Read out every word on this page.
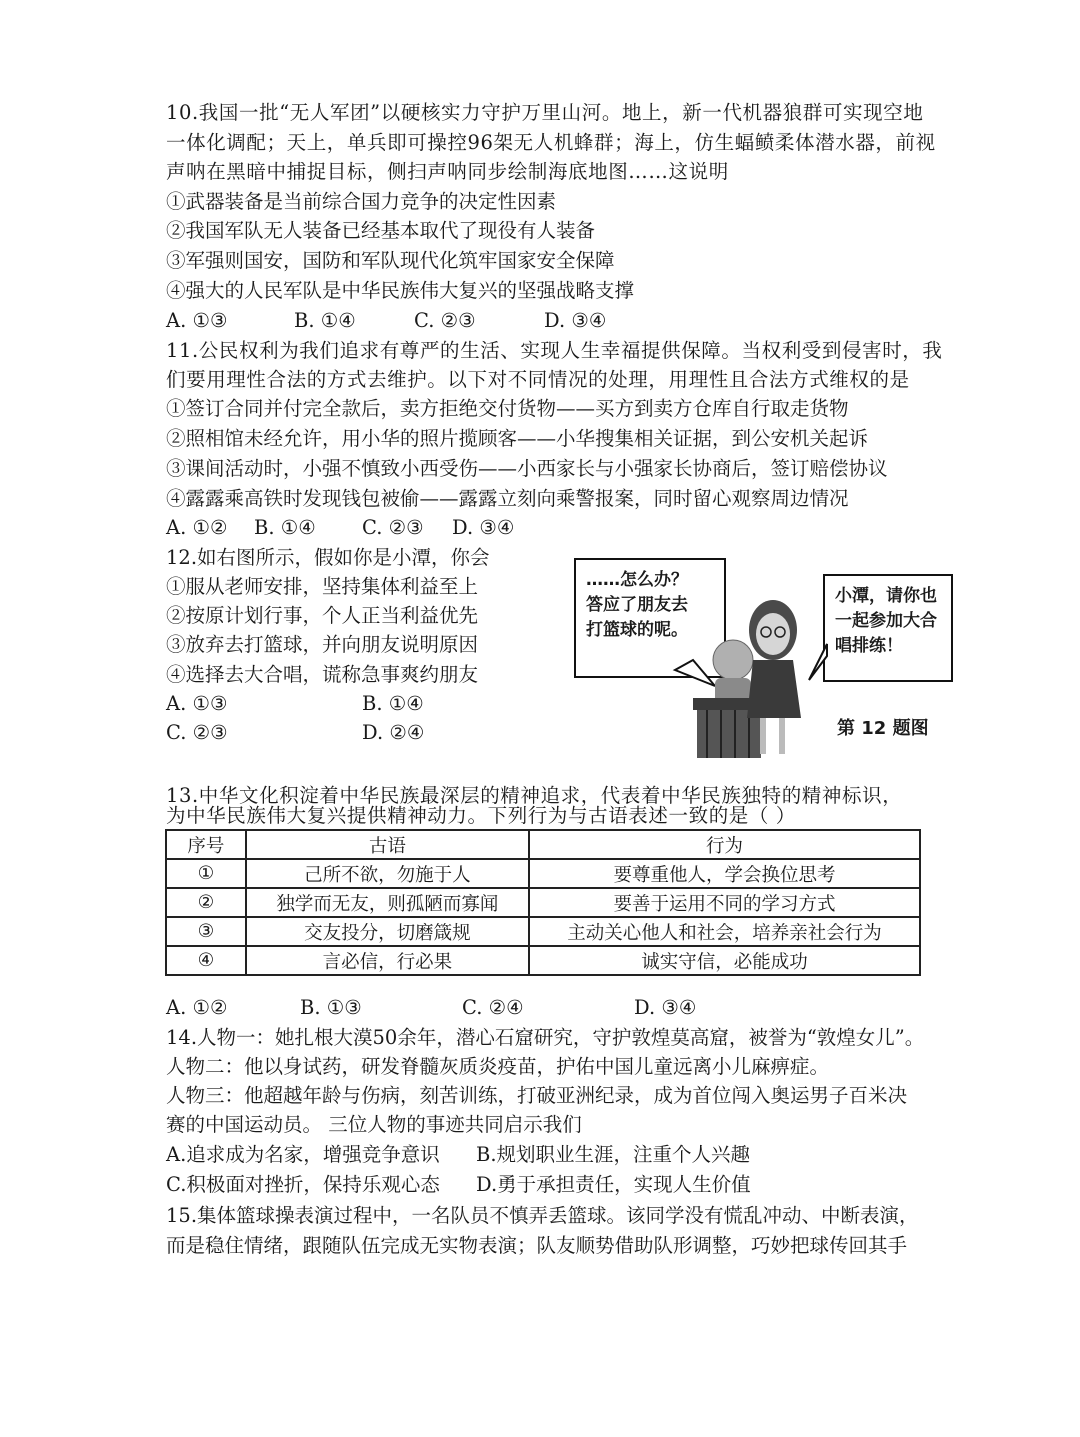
10.我国一批“无人军团”以硬核实力守护万里山河。地上，新一代机器狼群可实现空地

一体化调配；天上，单兵即可操控96架无人机蜂群；海上，仿生蝠鲼柔体潜水器，前视

声呐在黑暗中捕捉目标，侧扫声呐同步绘制海底地图……这说明

①武器装备是当前综合国力竞争的决定性因素

②我国军队无人装备已经基本取代了现役有人装备

③军强则国安，国防和军队现代化筑牢国家安全保障

④强大的人民军队是中华民族伟大复兴的坚强战略支撑

A. ①③	B. ①④	C. ②③	D. ③④

11.公民权利为我们追求有尊严的生活、实现人生幸福提供保障。当权利受到侵害时，我

们要用理性合法的方式去维护。以下对不同情况的处理，用理性且合法方式维权的是

①签订合同并付完全款后，卖方拒绝交付货物——买方到卖方仓库自行取走货物

②照相馆未经允许，用小华的照片揽顾客——小华搜集相关证据，到公安机关起诉

③课间活动时，小强不慎致小西受伤——小西家长与小强家长协商后，签订赔偿协议

④露露乘高铁时发现钱包被偷——露露立刻向乘警报案，同时留心观察周边情况

A. ①② B. ①④ C. ②③ D. ③④

12.如右图所示，假如你是小潭，你会

①服从老师安排，坚持集体利益至上

②按原计划行事，个人正当利益优先

③放弃去打篮球，并向朋友说明原因

④选择去大合唱，谎称急事爽约朋友

A. ①③	B. ①④
C. ②③	D. ②④
……怎么办？
答应了朋友去
打篮球的呢。
小潭，请你也
一起参加大合
唱排练！
第 12 题图

13.中华文化积淀着中华民族最深层的精神追求，代表着中华民族独特的精神标识，

为中华民族伟大复兴提供精神动力。下列行为与古语表述一致的是（ ）

序号	古语	行为
①	己所不欲，勿施于人	要尊重他人，学会换位思考
②	独学而无友，则孤陋而寡闻	要善于运用不同的学习方式
③	交友投分，切磨箴规	主动关心他人和社会，培养亲社会行为
④	言必信，行必果	诚实守信，必能成功
A. ①②	B. ①③	C. ②④	D. ③④

14.人物一：她扎根大漠50余年，潜心石窟研究，守护敦煌莫高窟，被誉为“敦煌女儿”。

人物二：他以身试药，研发脊髓灰质炎疫苗，护佑中国儿童远离小儿麻痹症。

人物三：他超越年龄与伤病，刻苦训练，打破亚洲纪录，成为首位闯入奥运男子百米决

赛的中国运动员。 三位人物的事迹共同启示我们

A.追求成为名家，增强竞争意识 B.规划职业生涯，注重个人兴趣
C.积极面对挫折，保持乐观心态 D.勇于承担责任，实现人生价值

15.集体篮球操表演过程中，一名队员不慎弄丢篮球。该同学没有慌乱冲动、中断表演，

而是稳住情绪，跟随队伍完成无实物表演；队友顺势借助队形调整，巧妙把球传回其手
